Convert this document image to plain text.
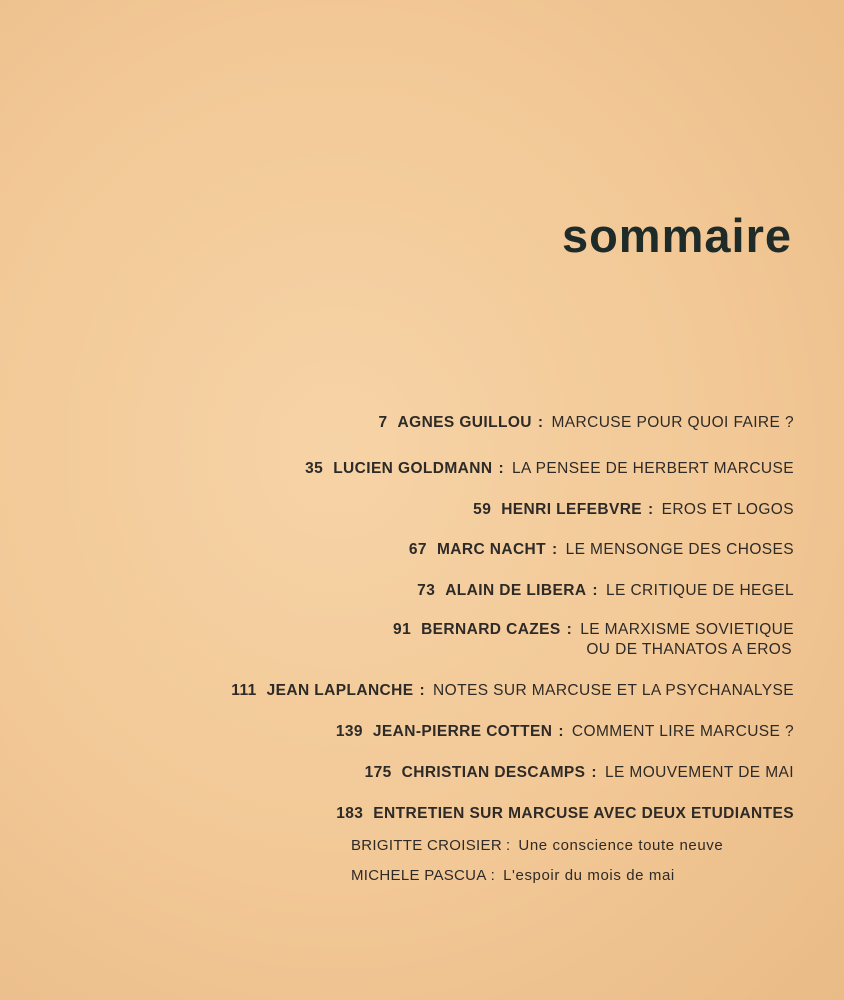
sommaire
7 AGNES GUILLOU : MARCUSE POUR QUOI FAIRE ?
35 LUCIEN GOLDMANN : LA PENSEE DE HERBERT MARCUSE
59 HENRI LEFEBVRE : EROS ET LOGOS
67 MARC NACHT : LE MENSONGE DES CHOSES
73 ALAIN DE LIBERA : LE CRITIQUE DE HEGEL
91 BERNARD CAZES : LE MARXISME SOVIETIQUE
OU DE THANATOS A EROS
111 JEAN LAPLANCHE : NOTES SUR MARCUSE ET LA PSYCHANALYSE
139 JEAN-PIERRE COTTEN : COMMENT LIRE MARCUSE ?
175 CHRISTIAN DESCAMPS : LE MOUVEMENT DE MAI
183 ENTRETIEN SUR MARCUSE AVEC DEUX ETUDIANTES
BRIGITTE CROISIER : Une conscience toute neuve
MICHELE PASCUA : L'espoir du mois de mai
